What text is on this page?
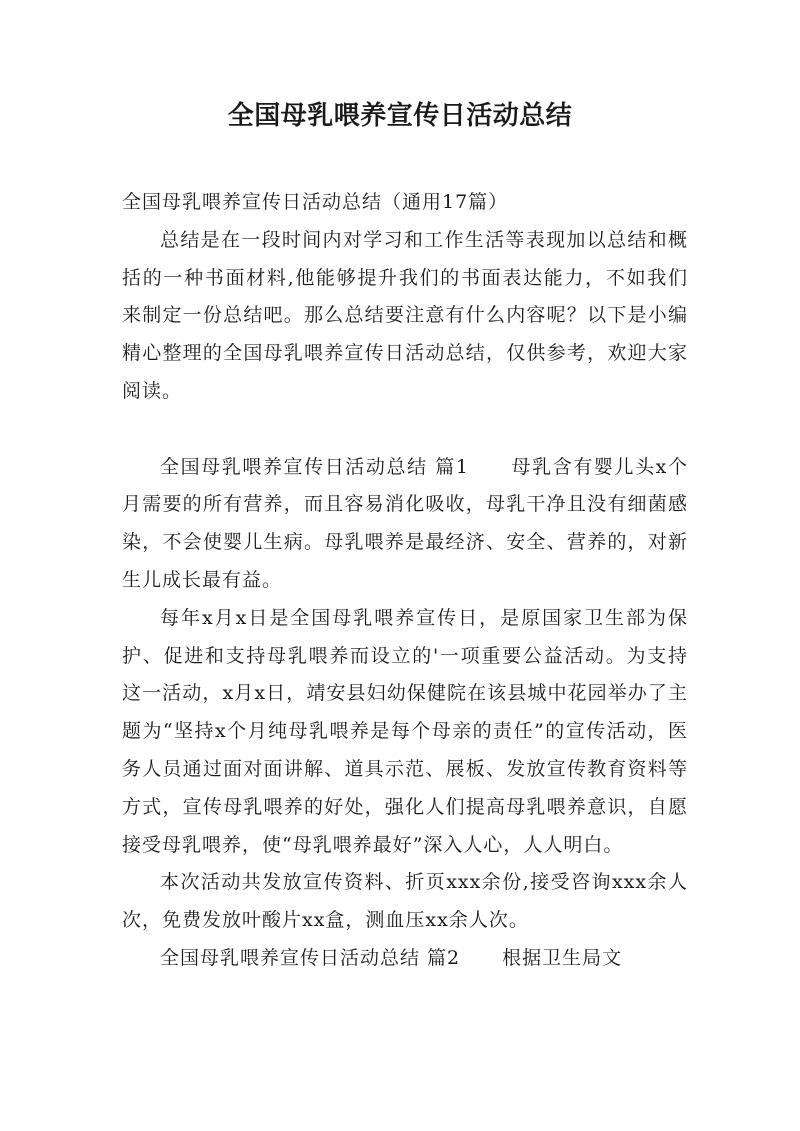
全国母乳喂养宣传日活动总结

全国母乳喂养宣传日活动总结（通用17篇）

总结是在一段时间内对学习和工作生活等表现加以总结和概括的一种书面材料,他能够提升我们的书面表达能力，不如我们来制定一份总结吧。那么总结要注意有什么内容呢？以下是小编精心整理的全国母乳喂养宣传日活动总结，仅供参考，欢迎大家阅读。

全国母乳喂养宣传日活动总结 篇1 母乳含有婴儿头x个月需要的所有营养，而且容易消化吸收，母乳干净且没有细菌感染，不会使婴儿生病。母乳喂养是最经济、安全、营养的，对新生儿成长最有益。

每年x月x日是全国母乳喂养宣传日，是原国家卫生部为保护、促进和支持母乳喂养而设立的'一项重要公益活动。为支持这一活动，x月x日，靖安县妇幼保健院在该县城中花园举办了主题为“坚持x个月纯母乳喂养是每个母亲的责任”的宣传活动，医务人员通过面对面讲解、道具示范、展板、发放宣传教育资料等方式，宣传母乳喂养的好处，强化人们提高母乳喂养意识，自愿接受母乳喂养，使“母乳喂养最好”深入人心，人人明白。

本次活动共发放宣传资料、折页xxx余份,接受咨询xxx余人次，免费发放叶酸片xx盒，测血压xx余人次。

全国母乳喂养宣传日活动总结 篇2 根据卫生局文
